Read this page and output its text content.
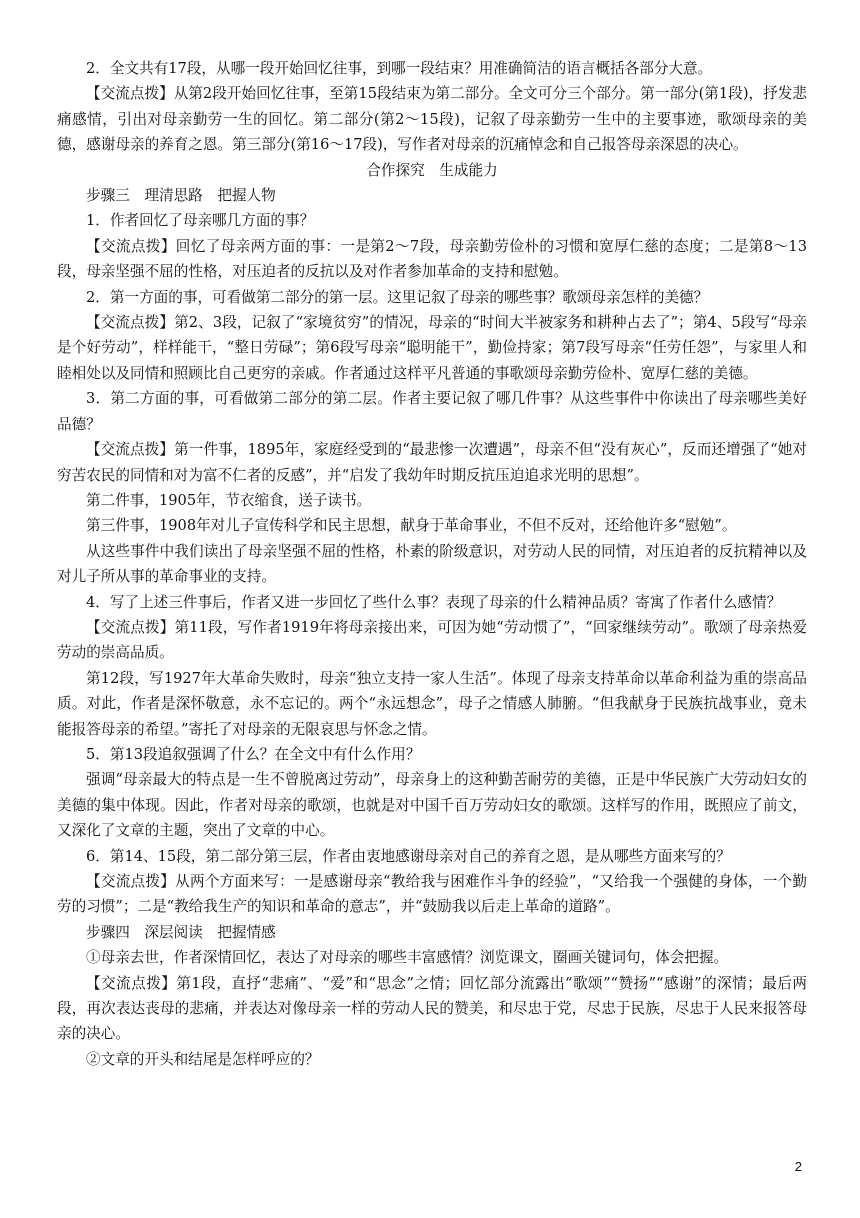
2．全文共有17段，从哪一段开始回忆往事，到哪一段结束？用准确简洁的语言概括各部分大意。

【交流点拨】从第2段开始回忆往事，至第15段结束为第二部分。全文可分三个部分。第一部分(第1段)，抒发悲痛感情，引出对母亲勤劳一生的回忆。第二部分(第2～15段)，记叙了母亲勤劳一生中的主要事迹，歌颂母亲的美德，感谢母亲的养育之恩。第三部分(第16～17段)，写作者对母亲的沉痛悼念和自己报答母亲深恩的决心。

合作探究　生成能力

步骤三　理清思路　把握人物

1．作者回忆了母亲哪几方面的事？

【交流点拨】回忆了母亲两方面的事：一是第2～7段，母亲勤劳俭朴的习惯和宽厚仁慈的态度；二是第8～13段，母亲坚强不屈的性格，对压迫者的反抗以及对作者参加革命的支持和慰勉。

2．第一方面的事，可看做第二部分的第一层。这里记叙了母亲的哪些事？歌颂母亲怎样的美德？

【交流点拨】第2、3段，记叙了“家境贫穷”的情况，母亲的“时间大半被家务和耕种占去了”；第4、5段写“母亲是个好劳动”，样样能干，“整日劳碌”；第6段写母亲“聪明能干”，勤俭持家；第7段写母亲“任劳任怨”，与家里人和睦相处以及同情和照顾比自己更穷的亲戚。作者通过这样平凡普通的事歌颂母亲勤劳俭朴、宽厚仁慈的美德。

3．第二方面的事，可看做第二部分的第二层。作者主要记叙了哪几件事？从这些事件中你读出了母亲哪些美好品德？

【交流点拨】第一件事，1895年，家庭经受到的“最悲惨一次遭遇”，母亲不但“没有灰心”，反而还增强了“她对穷苦农民的同情和对为富不仁者的反感”，并“启发了我幼年时期反抗压迫追求光明的思想”。

第二件事，1905年，节衣缩食，送子读书。

第三件事，1908年对儿子宣传科学和民主思想，献身于革命事业，不但不反对，还给他许多“慰勉”。

从这些事件中我们读出了母亲坚强不屈的性格，朴素的阶级意识，对劳动人民的同情，对压迫者的反抗精神以及对儿子所从事的革命事业的支持。

4．写了上述三件事后，作者又进一步回忆了些什么事？表现了母亲的什么精神品质？寄寓了作者什么感情？

【交流点拨】第11段，写作者1919年将母亲接出来，可因为她“劳动惯了”，“回家继续劳动”。歌颂了母亲热爱劳动的崇高品质。

第12段，写1927年大革命失败时，母亲“独立支持一家人生活”。体现了母亲支持革命以革命利益为重的崇高品质。对此，作者是深怀敬意，永不忘记的。两个“永远想念”，母子之情感人肺腑。“但我献身于民族抗战事业，竟未能报答母亲的希望。”寄托了对母亲的无限哀思与怀念之情。

5．第13段追叙强调了什么？在全文中有什么作用？

强调“母亲最大的特点是一生不曾脱离过劳动”，母亲身上的这种勤苦耐劳的美德，正是中华民族广大劳动妇女的美德的集中体现。因此，作者对母亲的歌颂，也就是对中国千百万劳动妇女的歌颂。这样写的作用，既照应了前文，又深化了文章的主题，突出了文章的中心。

6．第14、15段，第二部分第三层，作者由衷地感谢母亲对自己的养育之恩，是从哪些方面来写的？

【交流点拨】从两个方面来写：一是感谢母亲“教给我与困难作斗争的经验”，“又给我一个强健的身体，一个勤劳的习惯”；二是“教给我生产的知识和革命的意志”，并“鼓励我以后走上革命的道路”。

步骤四　深层阅读　把握情感

①母亲去世，作者深情回忆，表达了对母亲的哪些丰富感情？浏览课文，圈画关键词句，体会把握。

【交流点拨】第1段，直抒“悲痛”、“爱”和“思念”之情；回忆部分流露出“歌颂”“赞扬”“感谢”的深情；最后两段，再次表达丧母的悲痛，并表达对像母亲一样的劳动人民的赞美，和尽忠于党，尽忠于民族，尽忠于人民来报答母亲的决心。

②文章的开头和结尾是怎样呼应的？

2
